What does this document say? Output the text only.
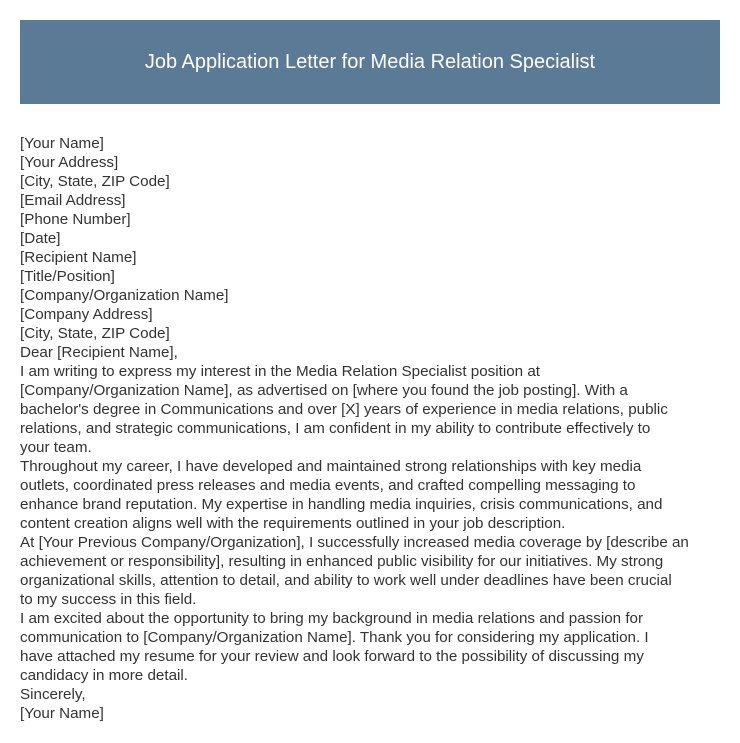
Job Application Letter for Media Relation Specialist
[Your Name]
[Your Address]
[City, State, ZIP Code]
[Email Address]
[Phone Number]
[Date]
[Recipient Name]
[Title/Position]
[Company/Organization Name]
[Company Address]
[City, State, ZIP Code]
Dear [Recipient Name],
I am writing to express my interest in the Media Relation Specialist position at
[Company/Organization Name], as advertised on [where you found the job posting]. With a
bachelor's degree in Communications and over [X] years of experience in media relations, public
relations, and strategic communications, I am confident in my ability to contribute effectively to
your team.
Throughout my career, I have developed and maintained strong relationships with key media
outlets, coordinated press releases and media events, and crafted compelling messaging to
enhance brand reputation. My expertise in handling media inquiries, crisis communications, and
content creation aligns well with the requirements outlined in your job description.
At [Your Previous Company/Organization], I successfully increased media coverage by [describe an
achievement or responsibility], resulting in enhanced public visibility for our initiatives. My strong
organizational skills, attention to detail, and ability to work well under deadlines have been crucial
to my success in this field.
I am excited about the opportunity to bring my background in media relations and passion for
communication to [Company/Organization Name]. Thank you for considering my application. I
have attached my resume for your review and look forward to the possibility of discussing my
candidacy in more detail.
Sincerely,
[Your Name]
